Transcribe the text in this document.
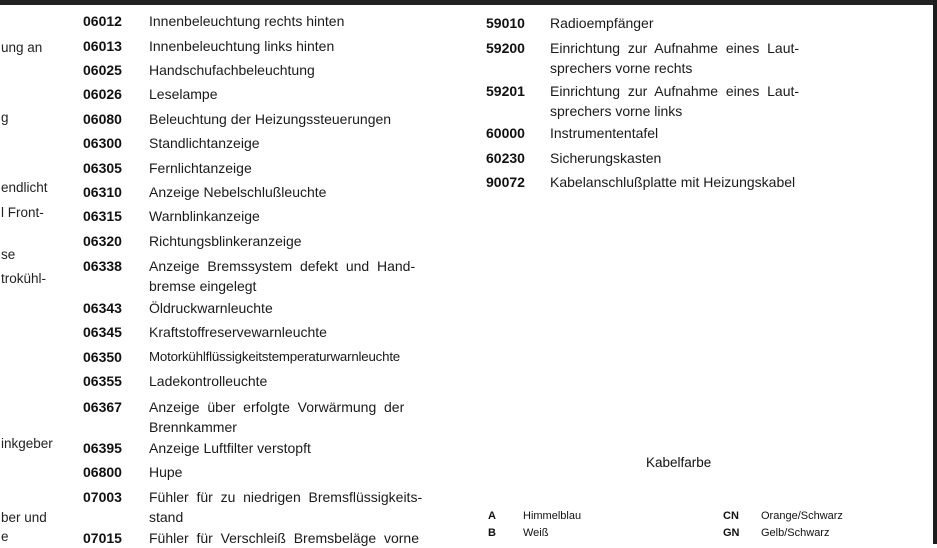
ung an
g
endlicht
l Front-
se
trokühl-
inkgeber
ber und
e
06012	Innenbeleuchtung rechts hinten
06013	Innenbeleuchtung links hinten
06025	Handschufachbeleuchtung
06026	Leselampe
06080	Beleuchtung der Heizungssteuerungen
06300	Standlichtanzeige
06305	Fernlichtanzeige
06310	Anzeige Nebelschlußleuchte
06315	Warnblinkanzeige
06320	Richtungsblinkeranzeige
06338	Anzeige  Bremssystem  defekt  und  Hand-
bremse eingelegt
06343	Öldruckwarnleuchte
06345	Kraftstoffreservewarnleuchte
06350	Motorkühlflüssigkeitstemperaturwarnleuchte
06355	Ladekontrolleuchte
06367	Anzeige  über  erfolgte  Vorwärmung  der
Brennkammer
06395	Anzeige Luftfilter verstopft
06800	Hupe
07003	Fühler  für  zu  niedrigen  Bremsflüssigkeits-
stand
07015	Fühler  für  Verschleiß  Bremsbeläge  vorne
59010	Radioempfänger
59200	Einrichtung  zur  Aufnahme  eines  Laut-
sprechers vorne rechts
59201	Einrichtung  zur  Aufnahme  eines  Laut-
sprechers vorne links
60000	Instrumententafel
60230	Sicherungskasten
90072	Kabelanschlußplatte mit Heizungskabel
Kabelfarbe
A Himmelblau
B Weiß
CN Orange/Schwarz
GN Gelb/Schwarz
